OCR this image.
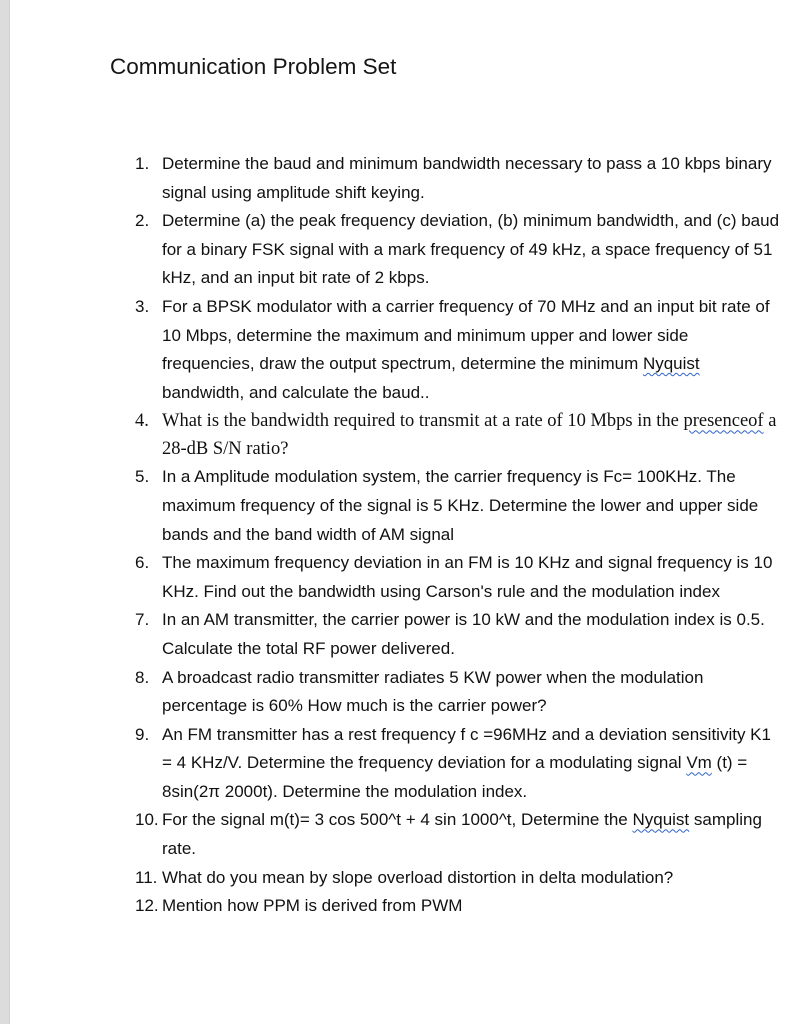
Communication Problem Set
1. Determine the baud and minimum bandwidth necessary to pass a 10 kbps binary signal using amplitude shift keying.
2. Determine (a) the peak frequency deviation, (b) minimum bandwidth, and (c) baud for a binary FSK signal with a mark frequency of 49 kHz, a space frequency of 51 kHz, and an input bit rate of 2 kbps.
3. For a BPSK modulator with a carrier frequency of 70 MHz and an input bit rate of 10 Mbps, determine the maximum and minimum upper and lower side frequencies, draw the output spectrum, determine the minimum Nyquist bandwidth, and calculate the baud..
4. What is the bandwidth required to transmit at a rate of 10 Mbps in the presenceof a 28-dB S/N ratio?
5. In a Amplitude modulation system, the carrier frequency is Fc= 100KHz. The maximum frequency of the signal is 5 KHz. Determine the lower and upper side bands and the band width of AM signal
6. The maximum frequency deviation in an FM is 10 KHz and signal frequency is 10 KHz. Find out the bandwidth using Carson's rule and the modulation index
7. In an AM transmitter, the carrier power is 10 kW and the modulation index is 0.5. Calculate the total RF power delivered.
8. A broadcast radio transmitter radiates 5 KW power when the modulation percentage is 60% How much is the carrier power?
9. An FM transmitter has a rest frequency f c =96MHz and a deviation sensitivity K1 = 4 KHz/V. Determine the frequency deviation for a modulating signal Vm (t) = 8sin(2π 2000t). Determine the modulation index.
10. For the signal m(t)= 3 cos 500^t + 4 sin 1000^t, Determine the Nyquist sampling rate.
11. What do you mean by slope overload distortion in delta modulation?
12. Mention how PPM is derived from PWM
